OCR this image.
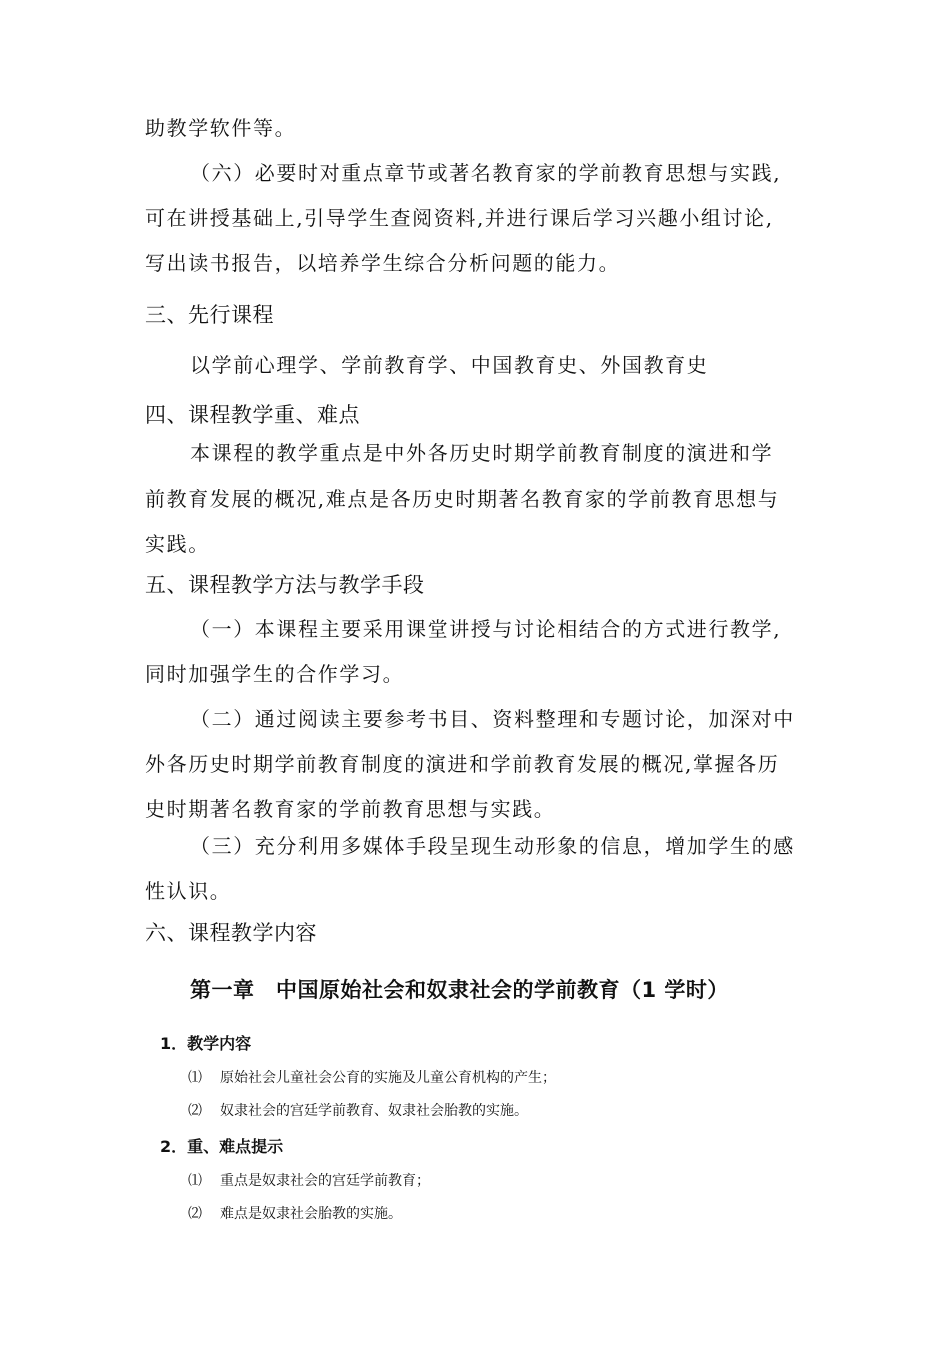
助教学软件等。
（六）必要时对重点章节或著名教育家的学前教育思想与实践,
可在讲授基础上,引导学生查阅资料,并进行课后学习兴趣小组讨论,
写出读书报告，以培养学生综合分析问题的能力。
三、先行课程
以学前心理学、学前教育学、中国教育史、外国教育史
四、课程教学重、难点
本课程的教学重点是中外各历史时期学前教育制度的演进和学
前教育发展的概况,难点是各历史时期著名教育家的学前教育思想与
实践。
五、课程教学方法与教学手段
（一）本课程主要采用课堂讲授与讨论相结合的方式进行教学,
同时加强学生的合作学习。
（二）通过阅读主要参考书目、资料整理和专题讨论，加深对中
外各历史时期学前教育制度的演进和学前教育发展的概况,掌握各历
史时期著名教育家的学前教育思想与实践。
（三）充分利用多媒体手段呈现生动形象的信息，增加学生的感
性认识。
六、课程教学内容
第一章　中国原始社会和奴隶社会的学前教育（1 学时）
1．教学内容
⑴ 原始社会儿童社会公育的实施及儿童公育机构的产生；
⑵ 奴隶社会的宫廷学前教育、奴隶社会胎教的实施。
2．重、难点提示
⑴ 重点是奴隶社会的宫廷学前教育；
⑵ 难点是奴隶社会胎教的实施。
